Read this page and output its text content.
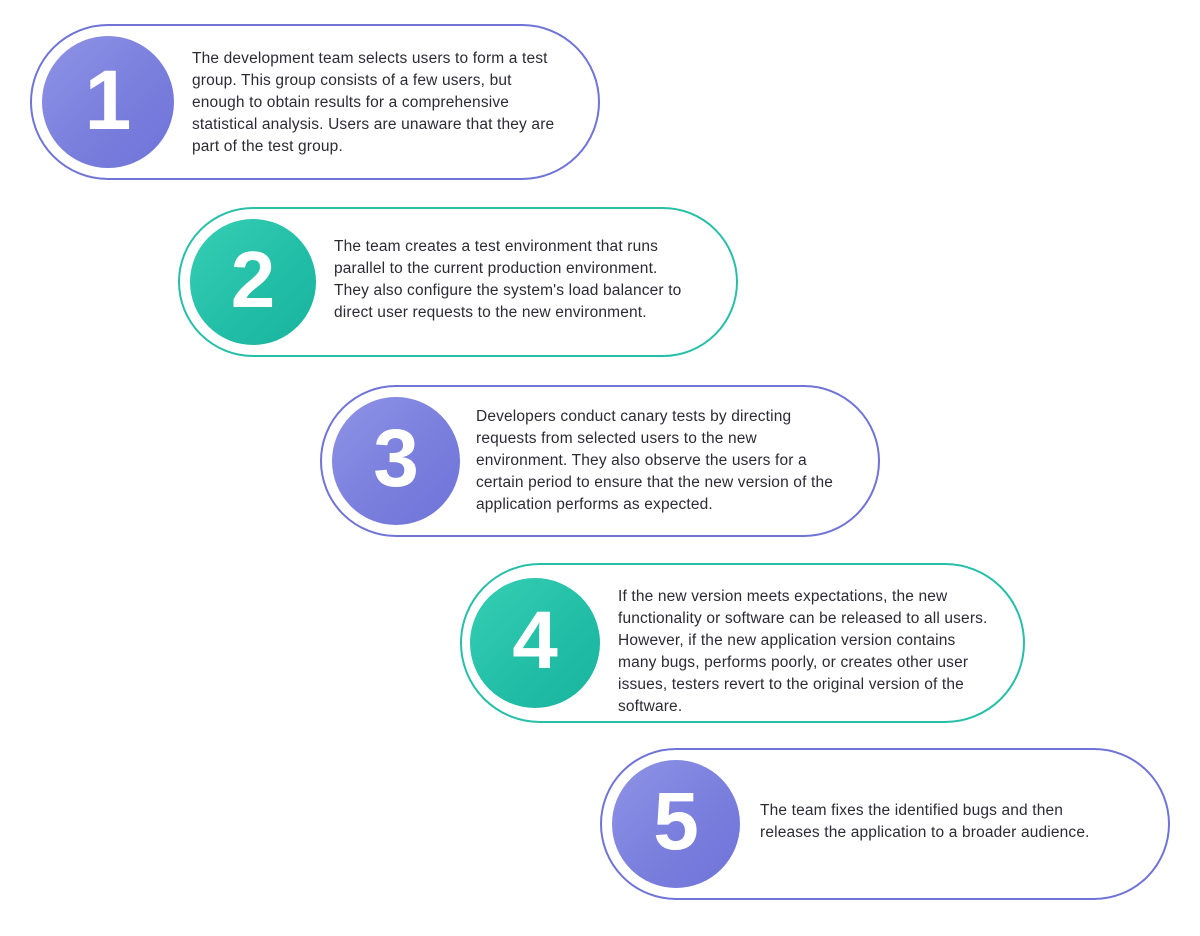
1	The development team selects users to form a test group. This group consists of a few users, but enough to obtain results for a comprehensive statistical analysis. Users are unaware that they are part of the test group.
2	The team creates a test environment that runs parallel to the current production environment. They also configure the system's load balancer to direct user requests to the new environment.
3	Developers conduct canary tests by directing requests from selected users to the new environment. They also observe the users for a certain period to ensure that the new version of the application performs as expected.
4	If the new version meets expectations, the new functionality or software can be released to all users. However, if the new application version contains many bugs, performs poorly, or creates other user issues, testers revert to the original version of the software.
5	The team fixes the identified bugs and then releases the application to a broader audience.
